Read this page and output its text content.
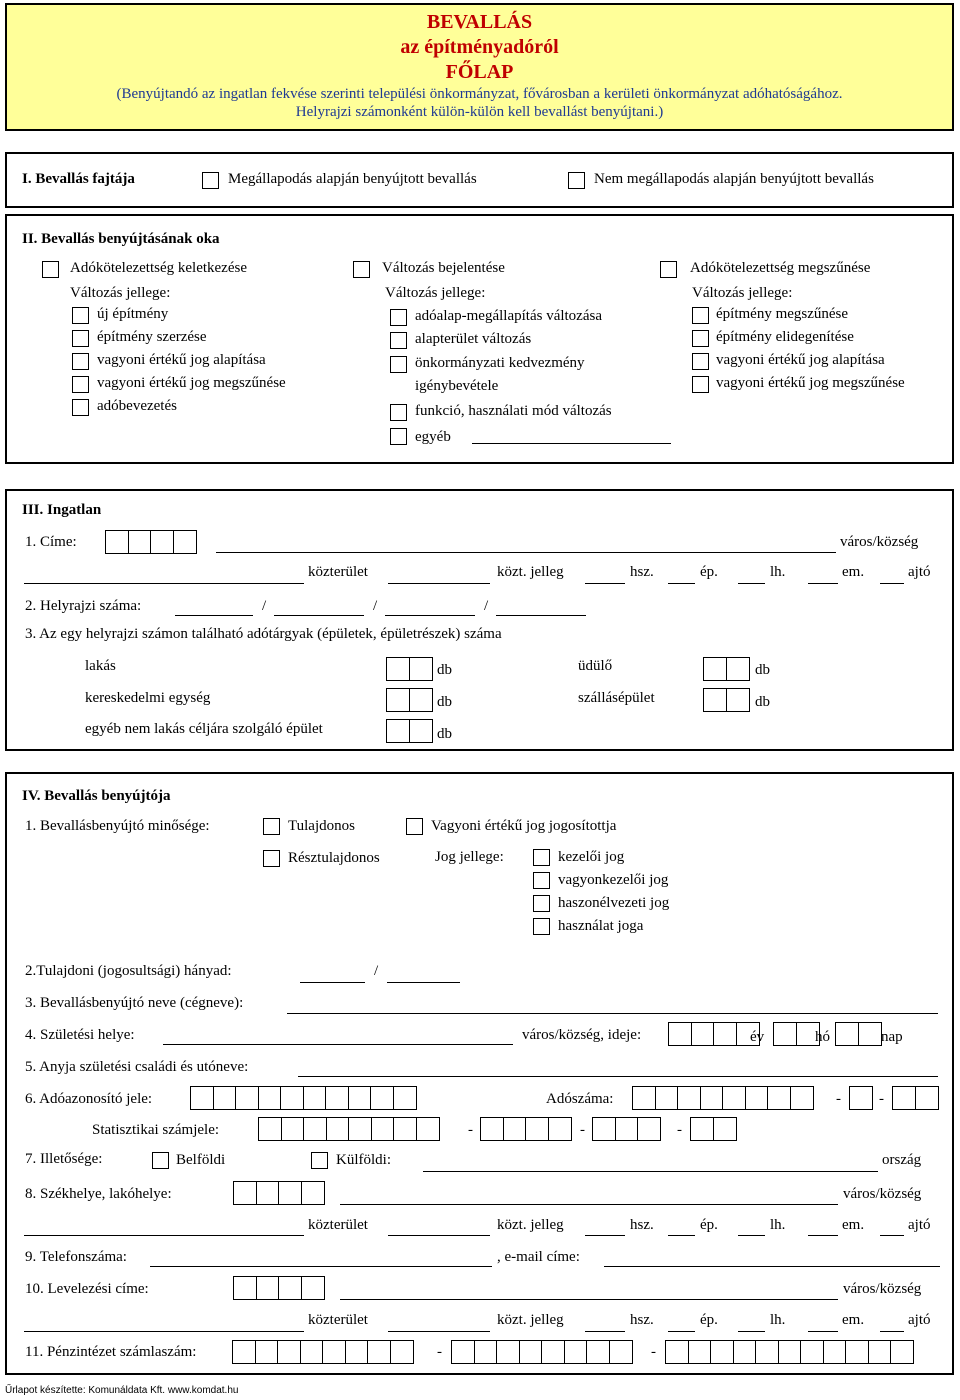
BEVALLÁS
az építményadóról
FŐLAP
(Benyújtandó az ingatlan fekvése szerinti települési önkormányzat, fővárosban a kerületi önkormányzat adóhatóságához.
Helyrajzi számonként külön-külön kell bevallást benyújtani.)
I. Bevallás fajtája	Megállapodás alapján benyújtott bevallás	Nem megállapodás alapján benyújtott bevallás
II. Bevallás benyújtásának oka
Adókötelezettség keletkezése
Változás jellege:
új építmény
építmény szerzése
vagyoni értékű jog alapítása
vagyoni értékű jog megszűnése
adóbevezetés
Változás bejelentése
Változás jellege:
adóalap-megállapítás változása
alapterület változás
önkormányzati kedvezmény
igénybevétele
funkció, használati mód változás
egyéb
Adókötelezettség megszűnése
Változás jellege:
építmény megszűnése
építmény elidegenítése
vagyoni értékű jog alapítása
vagyoni értékű jog megszűnése
III. Ingatlan
1. Címe:	város/község
közterület	közt. jelleg	hsz.	ép.	lh.	em.	ajtó
2. Helyrajzi száma:	/	/	/
3. Az egy helyrajzi számon található adótárgyak (épületek, épületrészek) száma
lakás	db	üdülő	db
kereskedelmi egység	db	szállásépület	db
egyéb nem lakás céljára szolgáló épület	db
IV. Bevallás benyújtója
1. Bevallásbenyújtó minősége:	Tulajdonos	Vagyoni értékű jog jogosítottja
Résztulajdonos	Jog jellege:	kezelői jog
vagyonkezelői jog
haszonélvezeti jog
használat joga
2.Tulajdoni (jogosultsági) hányad:	/
3. Bevallásbenyújtó neve (cégneve):
4. Születési helye:	város/község, ideje:	év	hó	nap
5. Anyja születési családi és utóneve:
6. Adóazonosító jele:	Adószáma:	-	-
Statisztikai számjele:	-	-	-
7. Illetősége:	Belföldi	Külföldi:	ország
8. Székhelye, lakóhelye:	város/község
közterület	közt. jelleg	hsz.	ép.	lh.	em.	ajtó
9. Telefonszáma:	, e-mail címe:
10. Levelezési címe:	város/község
közterület	közt. jelleg	hsz.	ép.	lh.	em.	ajtó
11. Pénzintézet számlaszám:	-	-
Űrlapot készítette: Komunáldata Kft. www.komdat.hu
